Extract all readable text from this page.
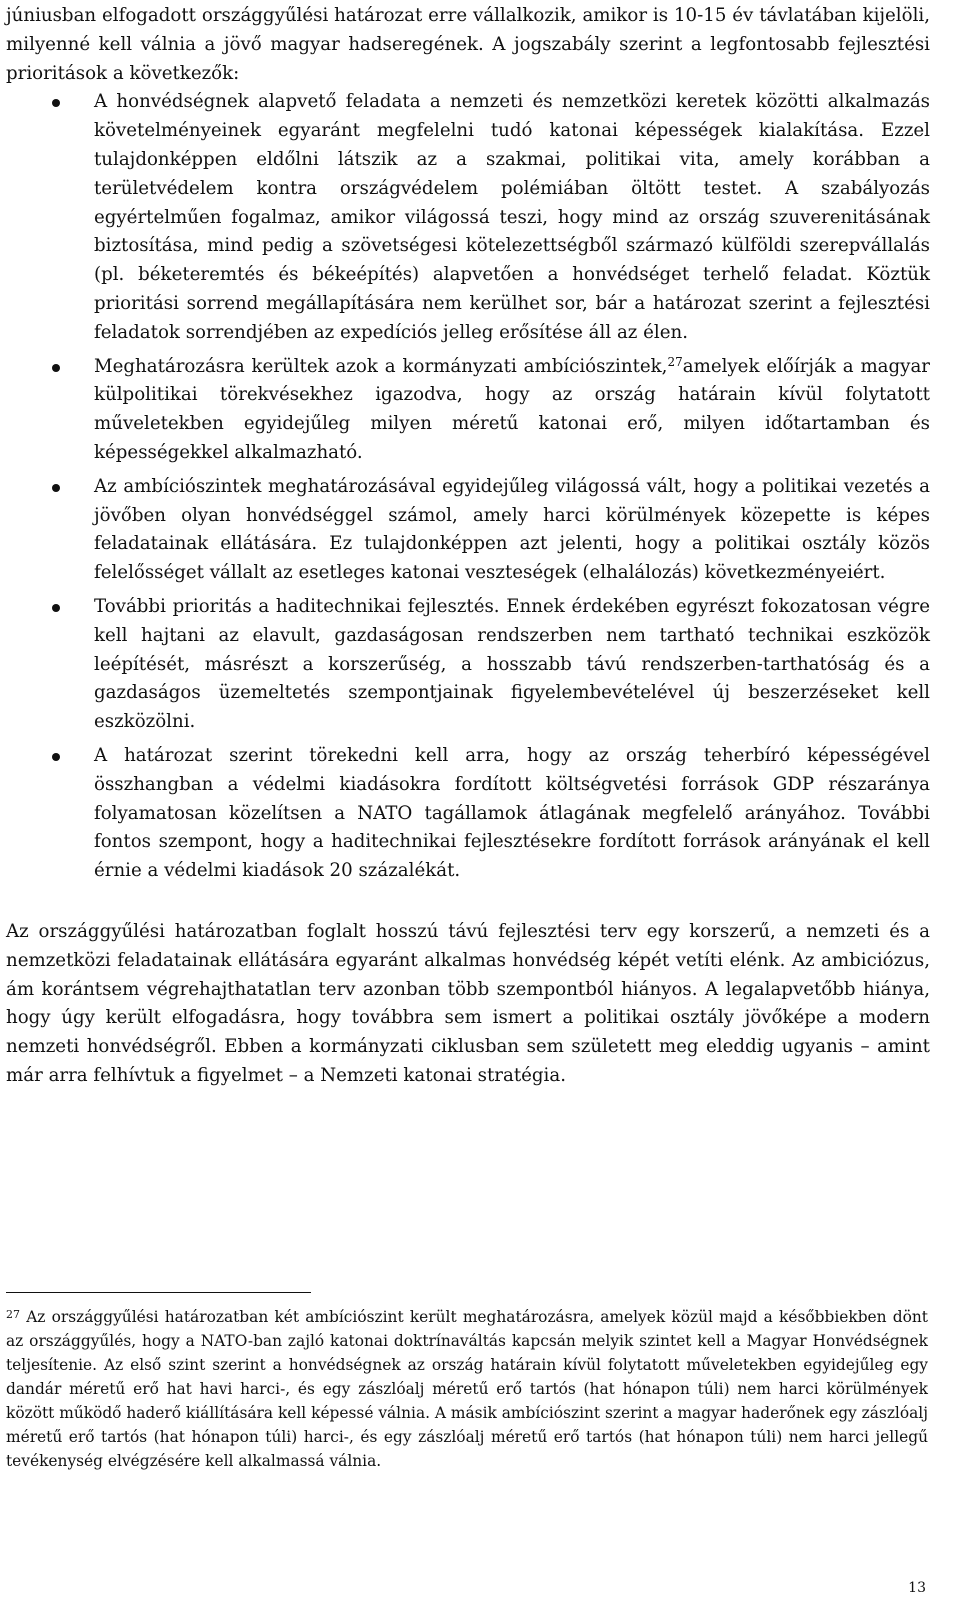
júniusban elfogadott országgyűlési határozat erre vállalkozik, amikor is 10-15 év távlatában kijelöli, milyenné kell válnia a jövő magyar hadseregének. A jogszabály szerint a legfontosabb fejlesztési prioritások a következők:

A honvédségnek alapvető feladata a nemzeti és nemzetközi keretek közötti alkalmazás követelményeinek egyaránt megfelelni tudó katonai képességek kialakítása. Ezzel tulajdonképpen eldőlni látszik az a szakmai, politikai vita, amely korábban a területvédelem kontra országvédelem polémiában öltött testet. A szabályozás egyértelműen fogalmaz, amikor világossá teszi, hogy mind az ország szuverenitásának biztosítása, mind pedig a szövetségesi kötelezettségből származó külföldi szerepvállalás (pl. béketeremtés és békeépítés) alapvetően a honvédséget terhelő feladat. Köztük prioritási sorrend megállapítására nem kerülhet sor, bár a határozat szerint a fejlesztési feladatok sorrendjében az expedíciós jelleg erősítése áll az élen.

Meghatározásra kerültek azok a kormányzati ambíciószintek,$^{27}$amelyek előírják a magyar külpolitikai törekvésekhez igazodva, hogy az ország határain kívül folytatott műveletekben egyidejűleg milyen méretű katonai erő, milyen időtartamban és képességekkel alkalmazható.

Az ambíciószintek meghatározásával egyidejűleg világossá vált, hogy a politikai vezetés a jövőben olyan honvédséggel számol, amely harci körülmények közepette is képes feladatainak ellátására. Ez tulajdonképpen azt jelenti, hogy a politikai osztály közös felelősséget vállalt az esetleges katonai veszteségek (elhalálozás) következményeiért.

További prioritás a haditechnikai fejlesztés. Ennek érdekében egyrészt fokozatosan végre kell hajtani az elavult, gazdaságosan rendszerben nem tartható technikai eszközök leépítését, másrészt a korszerűség, a hosszabb távú rendszerben-tarthatóság és a gazdaságos üzemeltetés szempontjainak figyelembevételével új beszerzéseket kell eszközölni.

A határozat szerint törekedni kell arra, hogy az ország teherbíró képességével összhangban a védelmi kiadásokra fordított költségvetési források GDP részaránya folyamatosan közelítsen a NATO tagállamok átlagának megfelelő arányához. További fontos szempont, hogy a haditechnikai fejlesztésekre fordított források arányának el kell érnie a védelmi kiadások 20 százalékát.

Az országgyűlési határozatban foglalt hosszú távú fejlesztési terv egy korszerű, a nemzeti és a nemzetközi feladatainak ellátására egyaránt alkalmas honvédség képét vetíti elénk. Az ambiciózus, ám korántsem végrehajthatatlan terv azonban több szempontból hiányos. A legalapvetőbb hiánya, hogy úgy került elfogadásra, hogy továbbra sem ismert a politikai osztály jövőképe a modern nemzeti honvédségről. Ebben a kormányzati ciklusban sem született meg eleddig ugyanis – amint már arra felhívtuk a figyelmet – a Nemzeti katonai stratégia.

$^{27}$ Az országgyűlési határozatban két ambíciószint került meghatározásra, amelyek közül majd a későbbiekben dönt az országgyűlés, hogy a NATO-ban zajló katonai doktrínaváltás kapcsán melyik szintet kell a Magyar Honvédségnek teljesítenie. Az első szint szerint a honvédségnek az ország határain kívül folytatott műveletekben egyidejűleg egy dandár méretű erő hat havi harci-, és egy zászlóalj méretű erő tartós (hat hónapon túli) nem harci körülmények között működő haderő kiállítására kell képessé válnia. A másik ambíciószint szerint a magyar haderőnek egy zászlóalj méretű erő tartós (hat hónapon túli) harci-, és egy zászlóalj méretű erő tartós (hat hónapon túli) nem harci jellegű tevékenység elvégzésére kell alkalmassá válnia.
13
